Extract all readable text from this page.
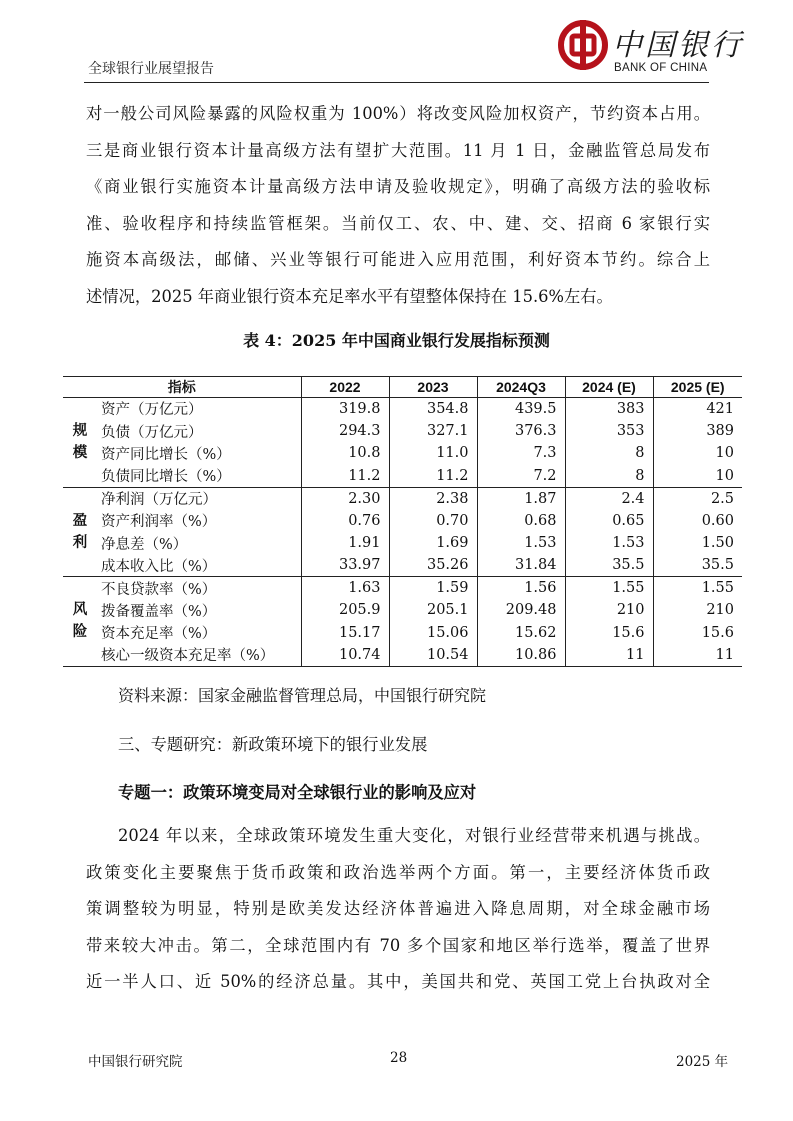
全球银行业展望报告
中国银行
BANK OF CHINA
对一般公司风险暴露的风险权重为 100%）将改变风险加权资产，节约资本占用。
三是商业银行资本计量高级方法有望扩大范围。11 月 1 日，金融监管总局发布
《商业银行实施资本计量高级方法申请及验收规定》，明确了高级方法的验收标
准、验收程序和持续监管框架。当前仅工、农、中、建、交、招商 6 家银行实
施资本高级法，邮储、兴业等银行可能进入应用范围，利好资本节约。综合上
述情况，2025 年商业银行资本充足率水平有望整体保持在 15.6%左右。
表 4：2025 年中国商业银行发展指标预测
指标		2022	2023	2024Q3	2024 (E)	2025 (E)

规
模	资产（万亿元）	319.8	354.8	439.5	383	421
	负债（万亿元）	294.3	327.1	376.3	353	389
	资产同比增长（%）	10.8	11.0	7.3	8	10
	负债同比增长（%）	11.2	11.2	7.2	8	10

盈
利	净利润（万亿元）	2.30	2.38	1.87	2.4	2.5
	资产利润率（%）	0.76	0.70	0.68	0.65	0.60
	净息差（%）	1.91	1.69	1.53	1.53	1.50
	成本收入比（%）	33.97	35.26	31.84	35.5	35.5

风
险	不良贷款率（%）	1.63	1.59	1.56	1.55	1.55
	拨备覆盖率（%）	205.9	205.1	209.48	210	210
	资本充足率（%）	15.17	15.06	15.62	15.6	15.6
	核心一级资本充足率（%）	10.74	10.54	10.86	11	11
资料来源：国家金融监督管理总局，中国银行研究院
三、专题研究：新政策环境下的银行业发展
专题一：政策环境变局对全球银行业的影响及应对
2024 年以来，全球政策环境发生重大变化，对银行业经营带来机遇与挑战。
政策变化主要聚焦于货币政策和政治选举两个方面。第一，主要经济体货币政
策调整较为明显，特别是欧美发达经济体普遍进入降息周期，对全球金融市场
带来较大冲击。第二，全球范围内有 70 多个国家和地区举行选举，覆盖了世界
近一半人口、近 50%的经济总量。其中，美国共和党、英国工党上台执政对全
中国银行研究院	28	2025 年
